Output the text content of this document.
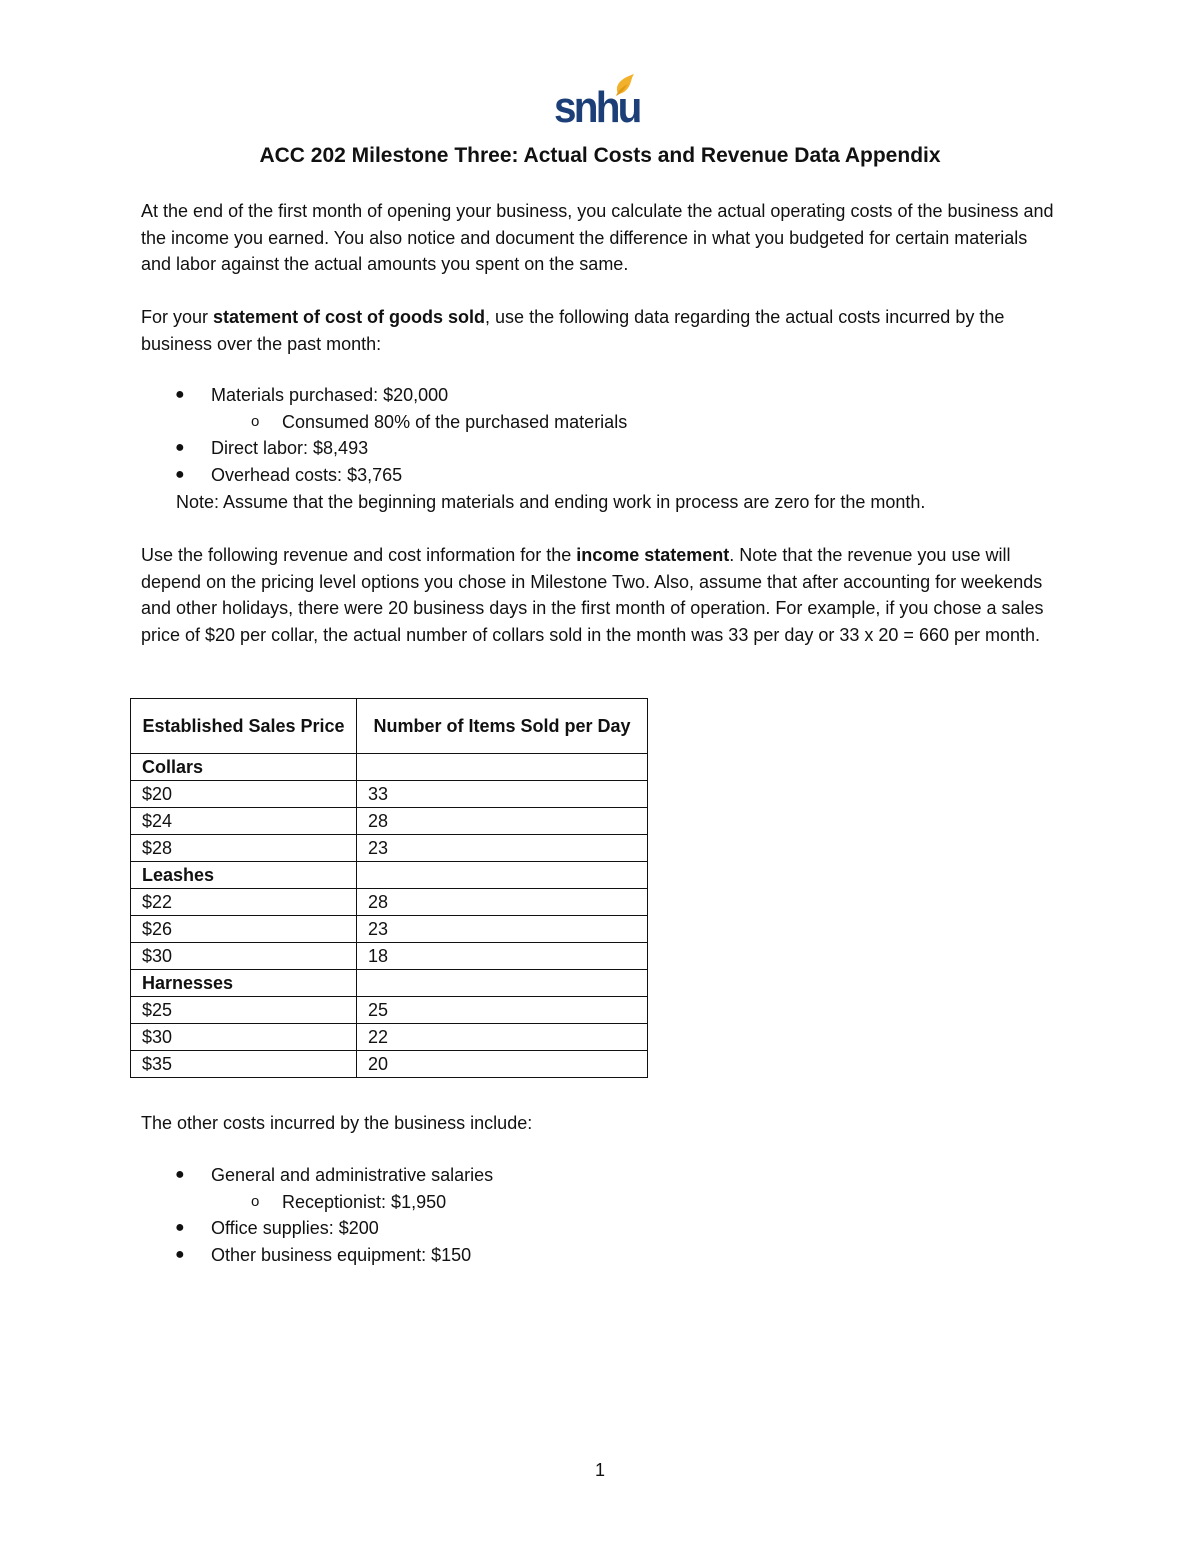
snhu
ACC 202 Milestone Three: Actual Costs and Revenue Data Appendix

At the end of the first month of opening your business, you calculate the actual operating costs of the business and the income you earned. You also notice and document the difference in what you budgeted for certain materials and labor against the actual amounts you spent on the same.

For your statement of cost of goods sold, use the following data regarding the actual costs incurred by the business over the past month:

● Materials purchased: $20,000
o Consumed 80% of the purchased materials
● Direct labor: $8,493
● Overhead costs: $3,765
Note: Assume that the beginning materials and ending work in process are zero for the month.

Use the following revenue and cost information for the income statement. Note that the revenue you use will depend on the pricing level options you chose in Milestone Two. Also, assume that after accounting for weekends and other holidays, there were 20 business days in the first month of operation. For example, if you chose a sales price of $20 per collar, the actual number of collars sold in the month was 33 per day or 33 x 20 = 660 per month.

Established Sales Price	Number of Items Sold per Day
Collars	
$20	33
$24	28
$28	23
Leashes	
$22	28
$26	23
$30	18
Harnesses	
$25	25
$30	22
$35	20

The other costs incurred by the business include:

● General and administrative salaries
o Receptionist: $1,950
● Office supplies: $200
● Other business equipment: $150
1
